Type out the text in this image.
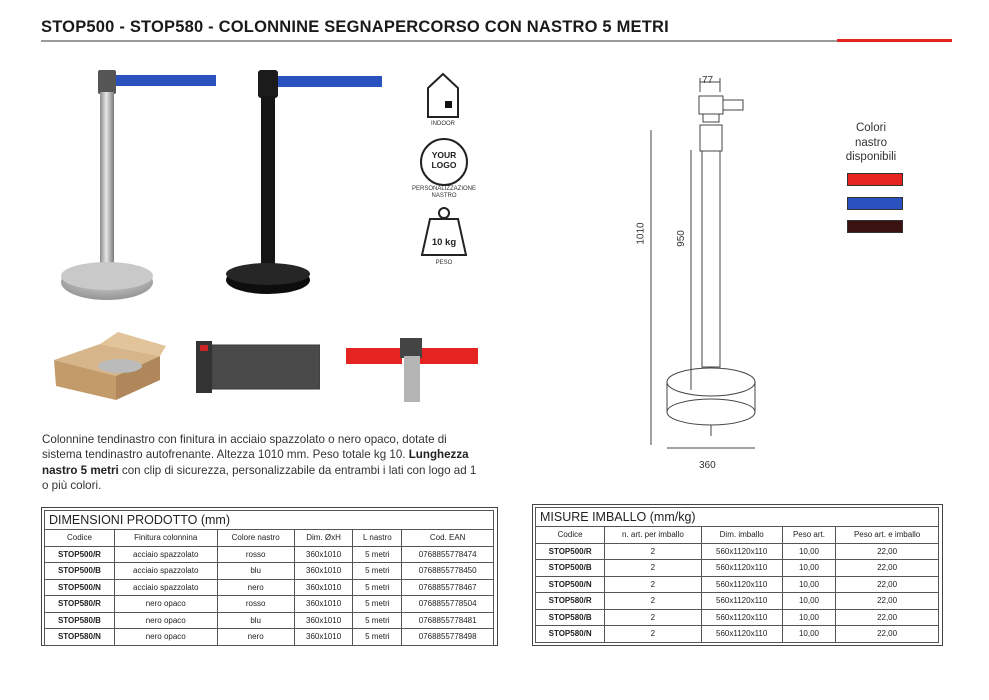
STOP500 - STOP580 - COLONNINE SEGNAPERCORSO CON NASTRO 5 METRI
INDOOR
YOUR
LOGO
PERSONALIZZAZIONE
NASTRO
10 kg
PESO
Colonnine tendinastro con finitura in acciaio spazzolato o nero opaco, dotate di sistema tendinastro autofrenante. Altezza 1010 mm. Peso totale kg 10. Lunghezza nastro 5 metri con clip di sicurezza, personalizzabile da entrambi i lati con logo ad 1 o più colori.
77
1010	950
360
Colori
nastro
disponibili
DIMENSIONI PRODOTTO (mm)
Codice	Finitura colonnina	Colore nastro	Dim. ØxH	L nastro	Cod. EAN
STOP500/R	acciaio spazzolato	rosso	360x1010	5 metri	0768855778474
STOP500/B	acciaio spazzolato	blu	360x1010	5 metri	0768855778450
STOP500/N	acciaio spazzolato	nero	360x1010	5 metri	0768855778467
STOP580/R	nero opaco	rosso	360x1010	5 metri	0768855778504
STOP580/B	nero opaco	blu	360x1010	5 metri	0768855778481
STOP580/N	nero opaco	nero	360x1010	5 metri	0768855778498
MISURE IMBALLO (mm/kg)
Codice	n. art. per imballo	Dim. imballo	Peso art.	Peso art. e imballo
STOP500/R	2	560x1120x110	10,00	22,00
STOP500/B	2	560x1120x110	10,00	22,00
STOP500/N	2	560x1120x110	10,00	22,00
STOP580/R	2	560x1120x110	10,00	22,00
STOP580/B	2	560x1120x110	10,00	22,00
STOP580/N	2	560x1120x110	10,00	22,00
